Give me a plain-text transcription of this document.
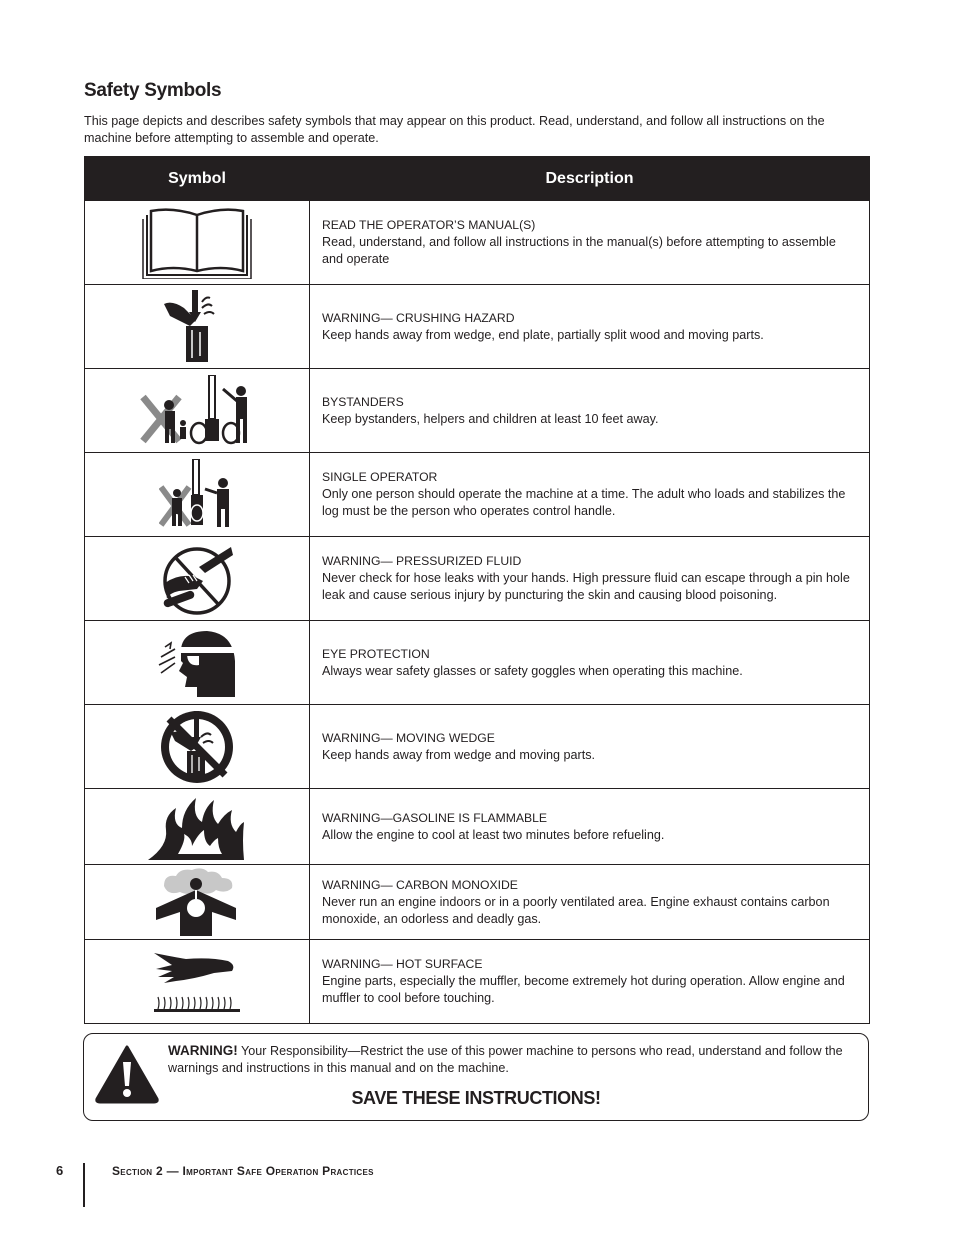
Safety Symbols

This page depicts and describes safety symbols that may appear on this product. Read, understand, and follow all instructions on the machine before attempting to assemble and operate.

Symbol	Description

READ THE OPERATOR’S MANUAL(S)
Read, understand, and follow all instructions in the manual(s) before attempting to assemble and operate

WARNING— CRUSHING HAZARD
Keep hands away from wedge, end plate, partially split wood and moving parts.

BYSTANDERS
Keep bystanders, helpers and children at least 10 feet away.

SINGLE OPERATOR
Only one person should operate the machine at a time. The adult who loads and stabilizes the log must be the person who operates control handle.

WARNING— PRESSURIZED FLUID
Never check for hose leaks with your hands. High pressure fluid can escape through a pin hole leak and cause serious injury by puncturing the skin and causing blood poisoning.

EYE PROTECTION
Always wear safety glasses or safety goggles when operating this machine.

WARNING— MOVING WEDGE
Keep hands away from wedge and moving parts.

WARNING—GASOLINE IS FLAMMABLE
Allow the engine to cool at least two minutes before refueling.

WARNING— CARBON MONOXIDE
Never run an engine indoors or in a poorly ventilated area. Engine exhaust contains carbon monoxide, an odorless and deadly gas.

WARNING— HOT SURFACE
Engine parts, especially the muffler, become extremely hot during operation. Allow engine and muffler to cool before touching.

WARNING! Your Responsibility—Restrict the use of this power machine to persons who read, understand and follow the warnings and instructions in this manual and on the machine.

SAVE THESE INSTRUCTIONS!

6	Section 2 — Important Safe Operation Practices
